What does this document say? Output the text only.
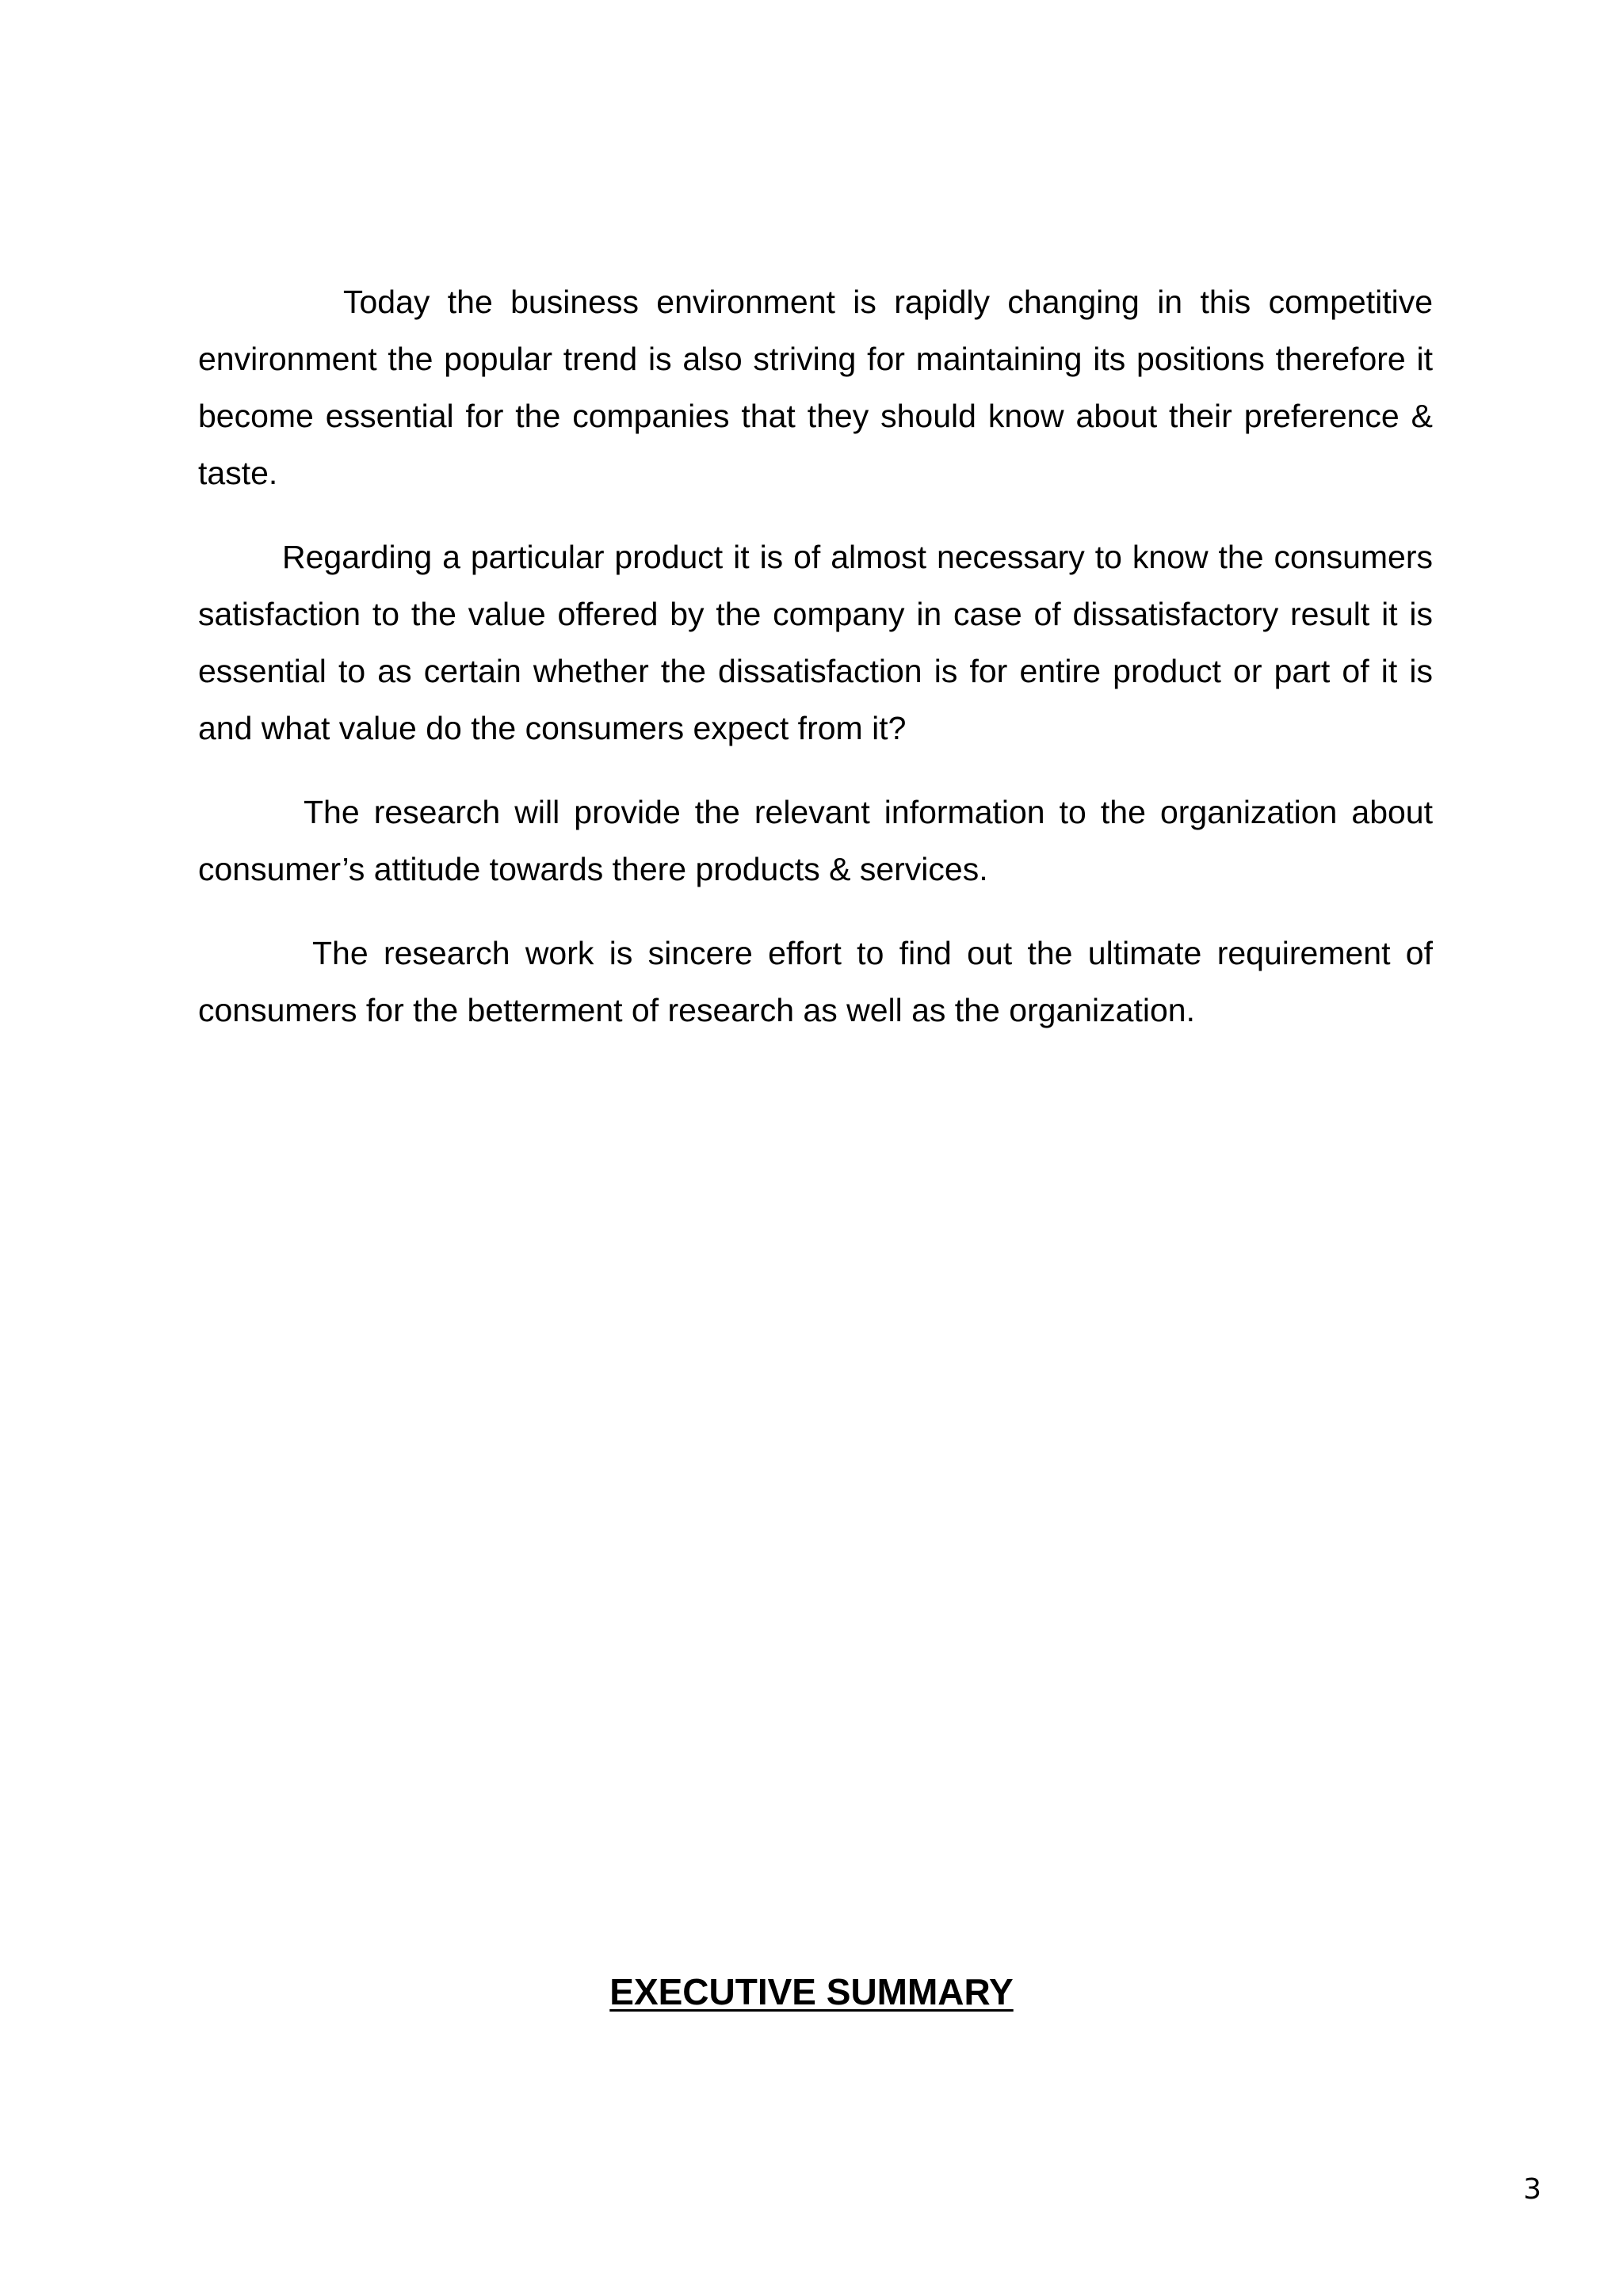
Today the business environment is rapidly changing in this competitive environment the popular trend is also striving for maintaining its positions therefore it become essential for the companies that they should know about their preference & taste.

Regarding a particular product it is of almost necessary to know the consumers satisfaction to the value offered by the company in case of dissatisfactory result it is essential to as certain whether the dissatisfaction is for entire product or part of it is and what value do the consumers expect from it?

The research will provide the relevant information to the organization about consumer’s attitude towards there products & services.

The research work is sincere effort to find out the ultimate requirement of consumers for the betterment of research as well as the organization.

EXECUTIVE SUMMARY
3
